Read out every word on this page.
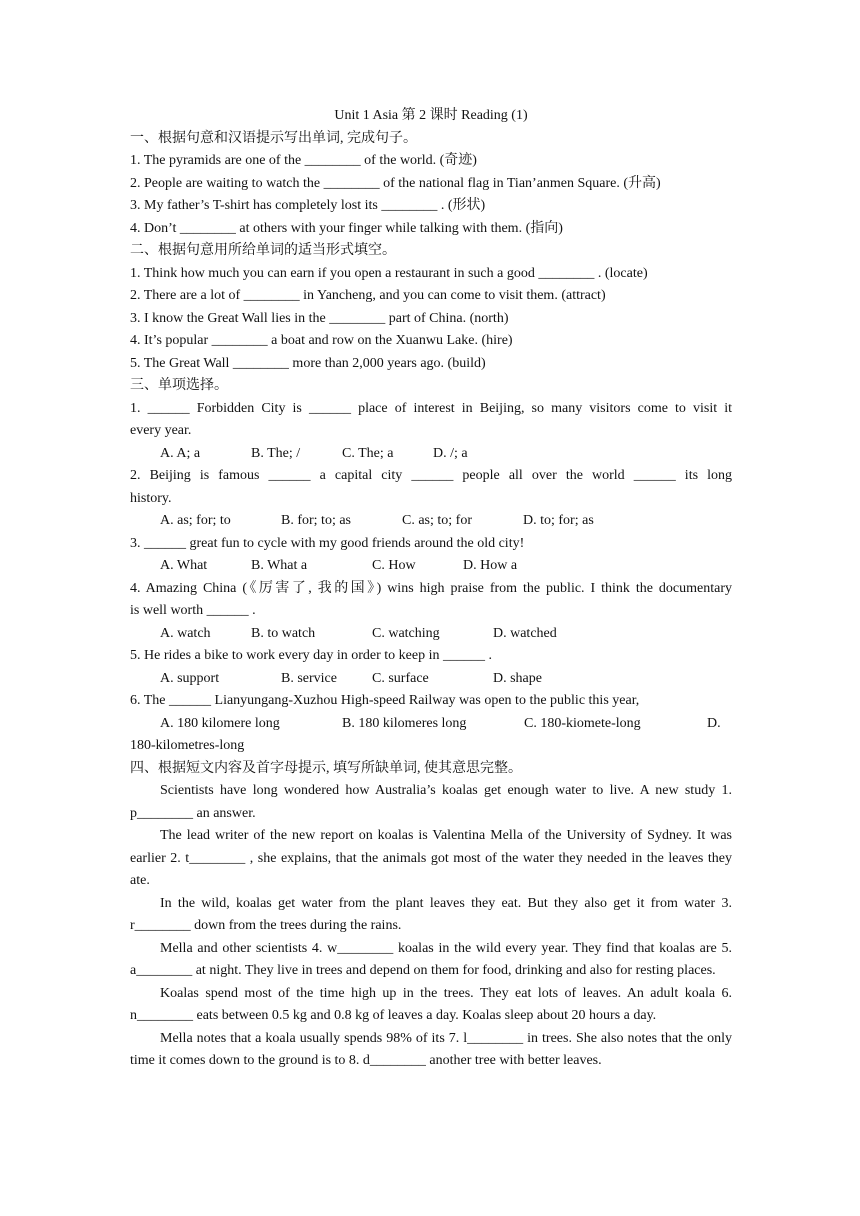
Unit 1 Asia 第 2 课时 Reading (1)
一、根据句意和汉语提示写出单词, 完成句子。
1. The pyramids are one of the ________ of the world. (奇迹)
2. People are waiting to watch the ________ of the national flag in Tian’anmen Square. (升高)
3. My father’s T-shirt has completely lost its ________ . (形状)
4. Don’t ________ at others with your finger while talking with them. (指向)
二、根据句意用所给单词的适当形式填空。
1. Think how much you can earn if you open a restaurant in such a good ________ . (locate)
2. There are a lot of ________ in Yancheng, and you can come to visit them. (attract)
3. I know the Great Wall lies in the ________ part of China. (north)
4. It’s popular ________ a boat and row on the Xuanwu Lake. (hire)
5. The Great Wall ________ more than 2,000 years ago. (build)
三、单项选择。
1. ______ Forbidden City is ______ place of interest in Beijing, so many visitors come to visit it
every year.
A. A; a	B. The; /	C. The; a	D. /; a
2. Beijing is famous ______ a capital city ______ people all over the world ______ its long
history.
A. as; for; to	B. for; to; as	C. as; to; for	D. to; for; as
3. ______ great fun to cycle with my good friends around the old city!
A. What	B. What a	C. How	D. How a
4. Amazing China (《厉害了, 我的国》) wins high praise from the public. I think the documentary
is well worth ______ .
A. watch	B. to watch	C. watching	D. watched
5. He rides a bike to work every day in order to keep in ______ .
A. support	B. service	C. surface	D. shape
6. The ______ Lianyungang-Xuzhou High-speed Railway was open to the public this year,
A. 180 kilomere long	B. 180 kilomeres long	C. 180-kiomete-long	D.
180-kilometres-long
四、根据短文内容及首字母提示, 填写所缺单词, 使其意思完整。
Scientists have long wondered how Australia’s koalas get enough water to live. A new study 1. p________ an answer.
The lead writer of the new report on koalas is Valentina Mella of the University of Sydney. It was earlier 2. t________ , she explains, that the animals got most of the water they needed in the leaves they ate.
In the wild, koalas get water from the plant leaves they eat. But they also get it from water 3. r________ down from the trees during the rains.
Mella and other scientists 4. w________ koalas in the wild every year. They find that koalas are 5. a________ at night. They live in trees and depend on them for food, drinking and also for resting places.
Koalas spend most of the time high up in the trees. They eat lots of leaves. An adult koala 6. n________ eats between 0.5 kg and 0.8 kg of leaves a day. Koalas sleep about 20 hours a day.
Mella notes that a koala usually spends 98% of its 7. l________ in trees. She also notes that the only time it comes down to the ground is to 8. d________ another tree with better leaves.
